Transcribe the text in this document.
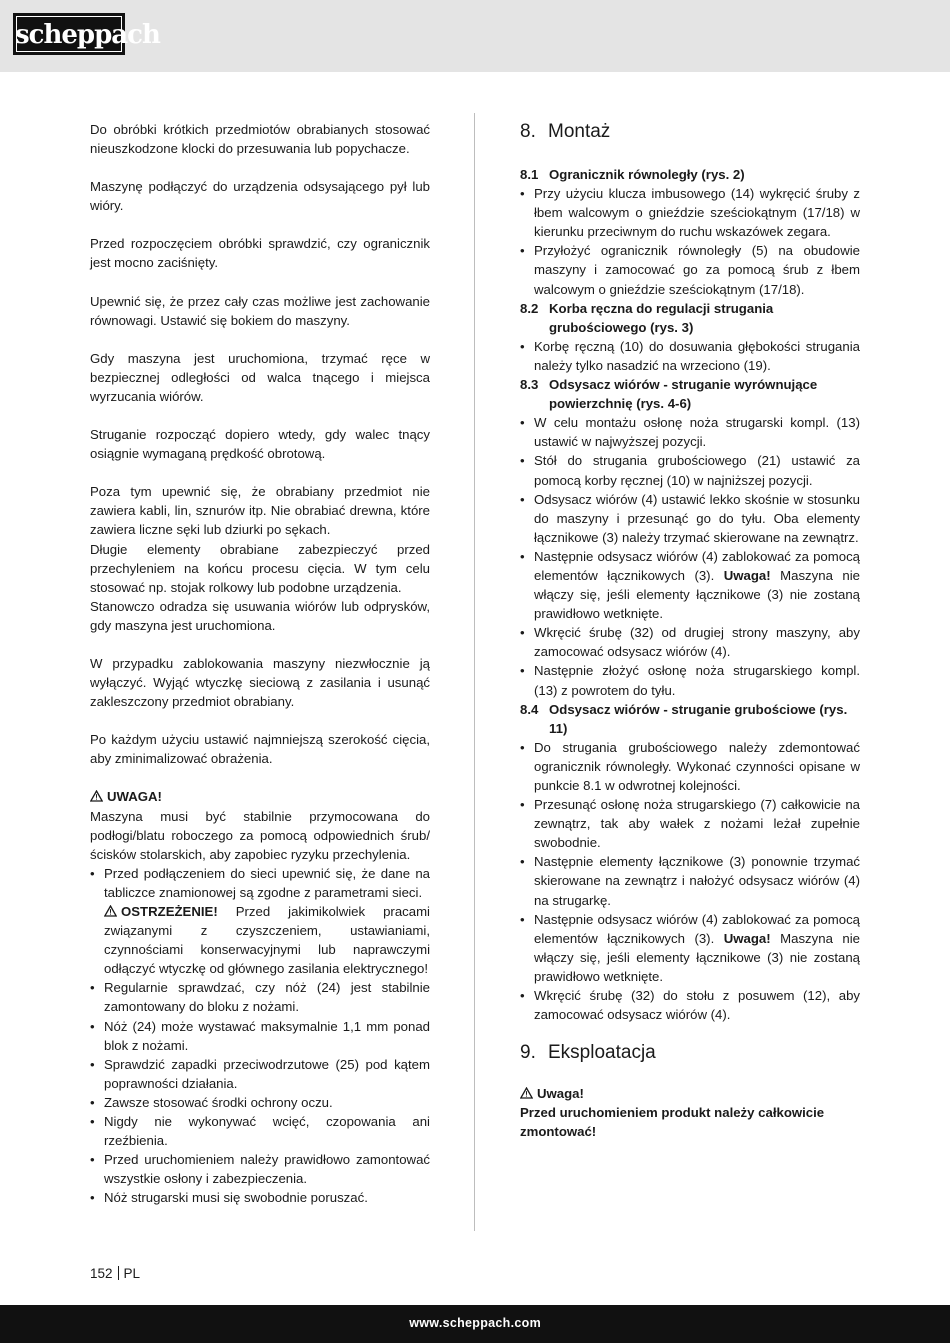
scheppach

Do obróbki krótkich przedmiotów obrabianych stosować nieuszkodzone klocki do przesuwania lub popychacze.

Maszynę podłączyć do urządzenia odsysającego pył lub wióry.

Przed rozpoczęciem obróbki sprawdzić, czy ogranicznik jest mocno zaciśnięty.

Upewnić się, że przez cały czas możliwe jest zachowanie równowagi. Ustawić się bokiem do maszyny.

Gdy maszyna jest uruchomiona, trzymać ręce w bezpiecznej odległości od walca tnącego i miejsca wyrzucania wiórów.

Struganie rozpocząć dopiero wtedy, gdy walec tnący osiągnie wymaganą prędkość obrotową.

Poza tym upewnić się, że obrabiany przedmiot nie zawiera kabli, lin, sznurów itp. Nie obrabiać drewna, które zawiera liczne sęki lub dziurki po sękach.

Długie elementy obrabiane zabezpieczyć przed przechyleniem na końcu procesu cięcia. W tym celu stosować np. stojak rolkowy lub podobne urządzenia.

Stanowczo odradza się usuwania wiórów lub odprysków, gdy maszyna jest uruchomiona.

W przypadku zablokowania maszyny niezwłocznie ją wyłączyć. Wyjąć wtyczkę sieciową z zasilania i usunąć zakleszczony przedmiot obrabiany.

Po każdym użyciu ustawić najmniejszą szerokość cięcia, aby zminimalizować obrażenia.

UWAGA!

Maszyna musi być stabilnie przymocowana do podłogi/blatu roboczego za pomocą odpowiednich śrub/ścisków stolarskich, aby zapobiec ryzyku przechylenia.

• Przed podłączeniem do sieci upewnić się, że dane na tabliczce znamionowej są zgodne z parametrami sieci.
OSTRZEŻENIE! Przed jakimikolwiek pracami związanymi z czyszczeniem, ustawianiami, czynnościami konserwacyjnymi lub naprawczymi odłączyć wtyczkę od głównego zasilania elektrycznego!
• Regularnie sprawdzać, czy nóż (24) jest stabilnie zamontowany do bloku z nożami.
• Nóż (24) może wystawać maksymalnie 1,1 mm ponad blok z nożami.
• Sprawdzić zapadki przeciwodrzutowe (25) pod kątem poprawności działania.
• Zawsze stosować środki ochrony oczu.
• Nigdy nie wykonywać wcięć, czopowania ani rzeźbienia.
• Przed uruchomieniem należy prawidłowo zamontować wszystkie osłony i zabezpieczenia.
• Nóż strugarski musi się swobodnie poruszać.
8. Montaż

8.1 Ogranicznik równoległy (rys. 2)

• Przy użyciu klucza imbusowego (14) wykręcić śruby z łbem walcowym o gnieździe sześciokątnym (17/18) w kierunku przeciwnym do ruchu wskazówek zegara.
• Przyłożyć ogranicznik równoległy (5) na obudowie maszyny i zamocować go za pomocą śrub z łbem walcowym o gnieździe sześciokątnym (17/18).

8.2 Korba ręczna do regulacji strugania grubościowego (rys. 3)

• Korbę ręczną (10) do dosuwania głębokości strugania należy tylko nasadzić na wrzeciono (19).

8.3 Odsysacz wiórów - struganie wyrównujące powierzchnię (rys. 4-6)

• W celu montażu osłonę noża strugarski kompl. (13) ustawić w najwyższej pozycji.
• Stół do strugania grubościowego (21) ustawić za pomocą korby ręcznej (10) w najniższej pozycji.
• Odsysacz wiórów (4) ustawić lekko skośnie w stosunku do maszyny i przesunąć go do tyłu. Oba elementy łącznikowe (3) należy trzymać skierowane na zewnątrz.
• Następnie odsysacz wiórów (4) zablokować za pomocą elementów łącznikowych (3). Uwaga! Maszyna nie włączy się, jeśli elementy łącznikowe (3) nie zostaną prawidłowo wetknięte.
• Wkręcić śrubę (32) od drugiej strony maszyny, aby zamocować odsysacz wiórów (4).
• Następnie złożyć osłonę noża strugarskiego kompl. (13) z powrotem do tyłu.

8.4 Odsysacz wiórów - struganie grubościowe (rys. 11)

• Do strugania grubościowego należy zdemontować ogranicznik równoległy. Wykonać czynności opisane w punkcie 8.1 w odwrotnej kolejności.
• Przesunąć osłonę noża strugarskiego (7) całkowicie na zewnątrz, tak aby wałek z nożami leżał zupełnie swobodnie.
• Następnie elementy łącznikowe (3) ponownie trzymać skierowane na zewnątrz i nałożyć odsysacz wiórów (4) na strugarkę.
• Następnie odsysacz wiórów (4) zablokować za pomocą elementów łącznikowych (3). Uwaga! Maszyna nie włączy się, jeśli elementy łącznikowe (3) nie zostaną prawidłowo wetknięte.
• Wkręcić śrubę (32) do stołu z posuwem (12), aby zamocować odsysacz wiórów (4).
9. Eksploatacja
Uwaga!

Przed uruchomieniem produkt należy całkowicie zmontować!

152 PL
www.scheppach.com
